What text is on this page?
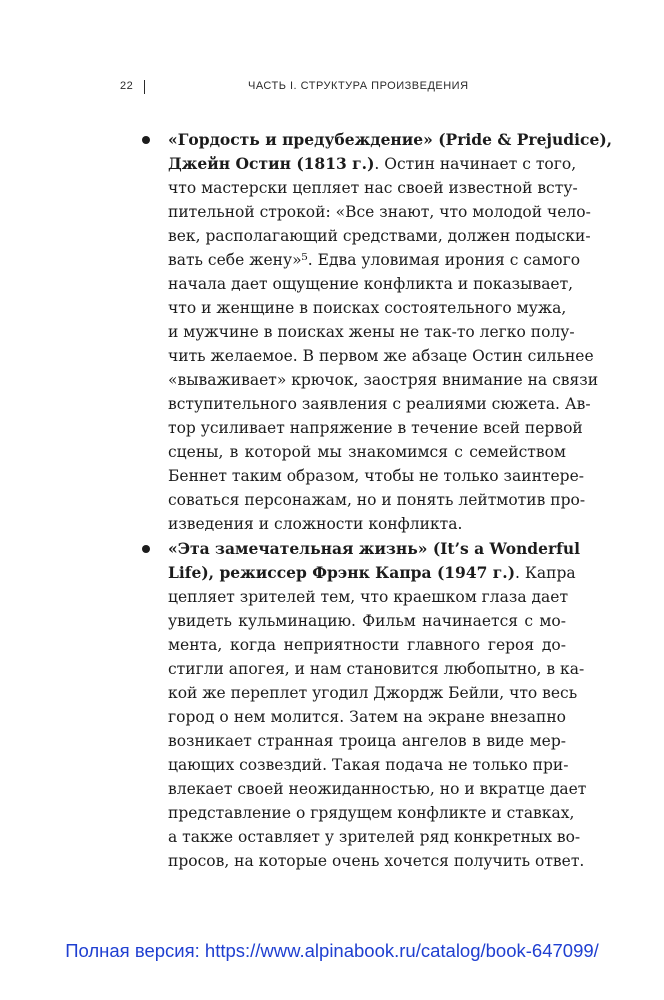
22	ЧАСТЬ I. СТРУКТУРА ПРОИЗВЕДЕНИЯ
«Гордость и предубеждение» (Pride & Prejudice),
Джейн Остин (1813 г.). Остин начинает с того,
что мастерски цепляет нас своей известной всту-
пительной строкой: «Все знают, что молодой чело-
век, располагающий средствами, должен подыски-
вать себе жену»⁵. Едва уловимая ирония с самого
начала дает ощущение конфликта и показывает,
что и женщине в поисках состоятельного мужа,
и мужчине в поисках жены не так-то легко полу-
чить желаемое. В первом же абзаце Остин сильнее
«вываживает» крючок, заостряя внимание на связи
вступительного заявления с реалиями сюжета. Ав-
тор усиливает напряжение в течение всей первой
сцены, в которой мы знакомимся с семейством
Беннет таким образом, чтобы не только заинтере-
соваться персонажам, но и понять лейтмотив про-
изведения и сложности конфликта.
«Эта замечательная жизнь» (It’s a Wonderful
Life), режиссер Фрэнк Капра (1947 г.). Капра
цепляет зрителей тем, что краешком глаза дает
увидеть кульминацию. Фильм начинается с мо-
мента, когда неприятности главного героя до-
стигли апогея, и нам становится любопытно, в ка-
кой же переплет угодил Джордж Бейли, что весь
город о нем молится. Затем на экране внезапно
возникает странная троица ангелов в виде мер-
цающих созвездий. Такая подача не только при-
влекает своей неожиданностью, но и вкратце дает
представление о грядущем конфликте и ставках,
а также оставляет у зрителей ряд конкретных во-
просов, на которые очень хочется получить ответ.
Полная версия: https://www.alpinabook.ru/catalog/book-647099/
